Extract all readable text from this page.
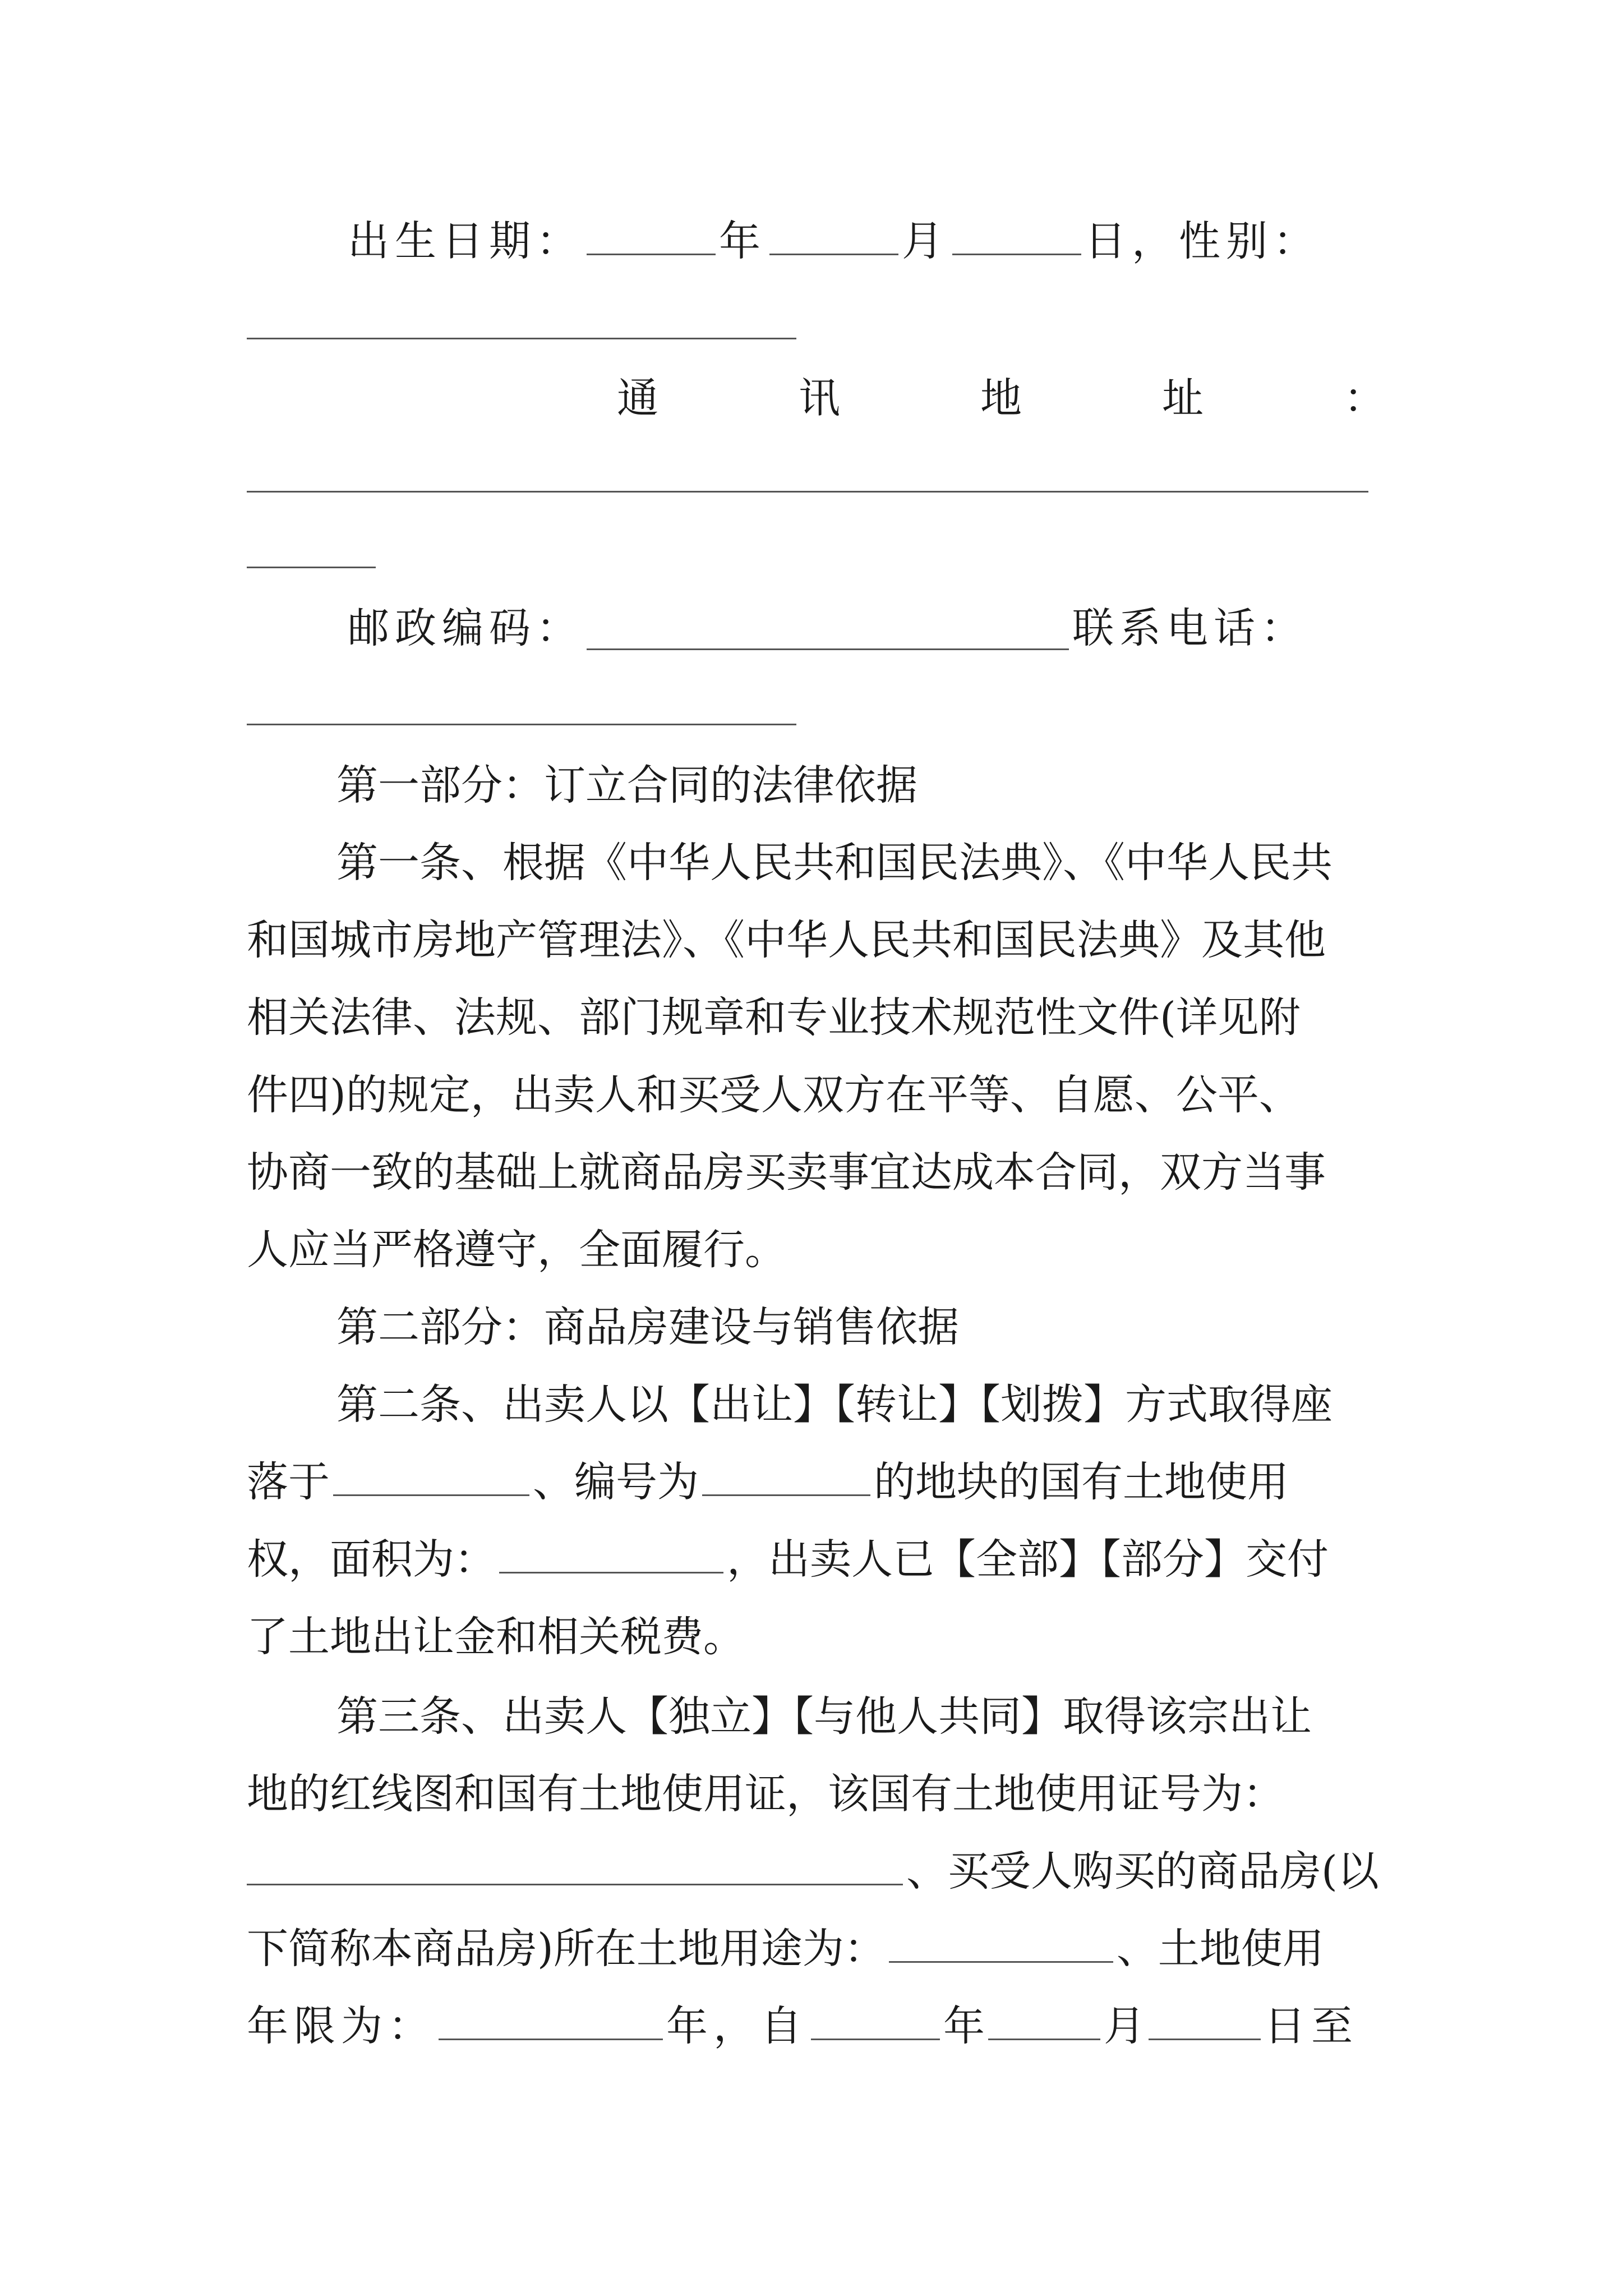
出生日期：	年	月	日，性别：
通	讯	地	址	：
邮政编码：	联系电话：
第一部分：订立合同的法律依据
第一条、根据《中华人民共和国民法典》、《中华人民共
和国城市房地产管理法》、《中华人民共和国民法典》及其他
相关法律、法规、部门规章和专业技术规范性文件(详见附
件四)的规定，出卖人和买受人双方在平等、自愿、公平、
协商一致的基础上就商品房买卖事宜达成本合同，双方当事
人应当严格遵守，全面履行。
第二部分：商品房建设与销售依据
第二条、出卖人以【出让】【转让】【划拨】方式取得座
落于	、编号为	的地块的国有土地使用
权，面积为：	，出卖人已【全部】【部分】交付
了土地出让金和相关税费。
第三条、出卖人【独立】【与他人共同】取得该宗出让
地的红线图和国有土地使用证，该国有土地使用证号为：
、买受人购买的商品房(以
下简称本商品房)所在土地用途为：	、土地使用
年限为：	年，自	年	月	日至
